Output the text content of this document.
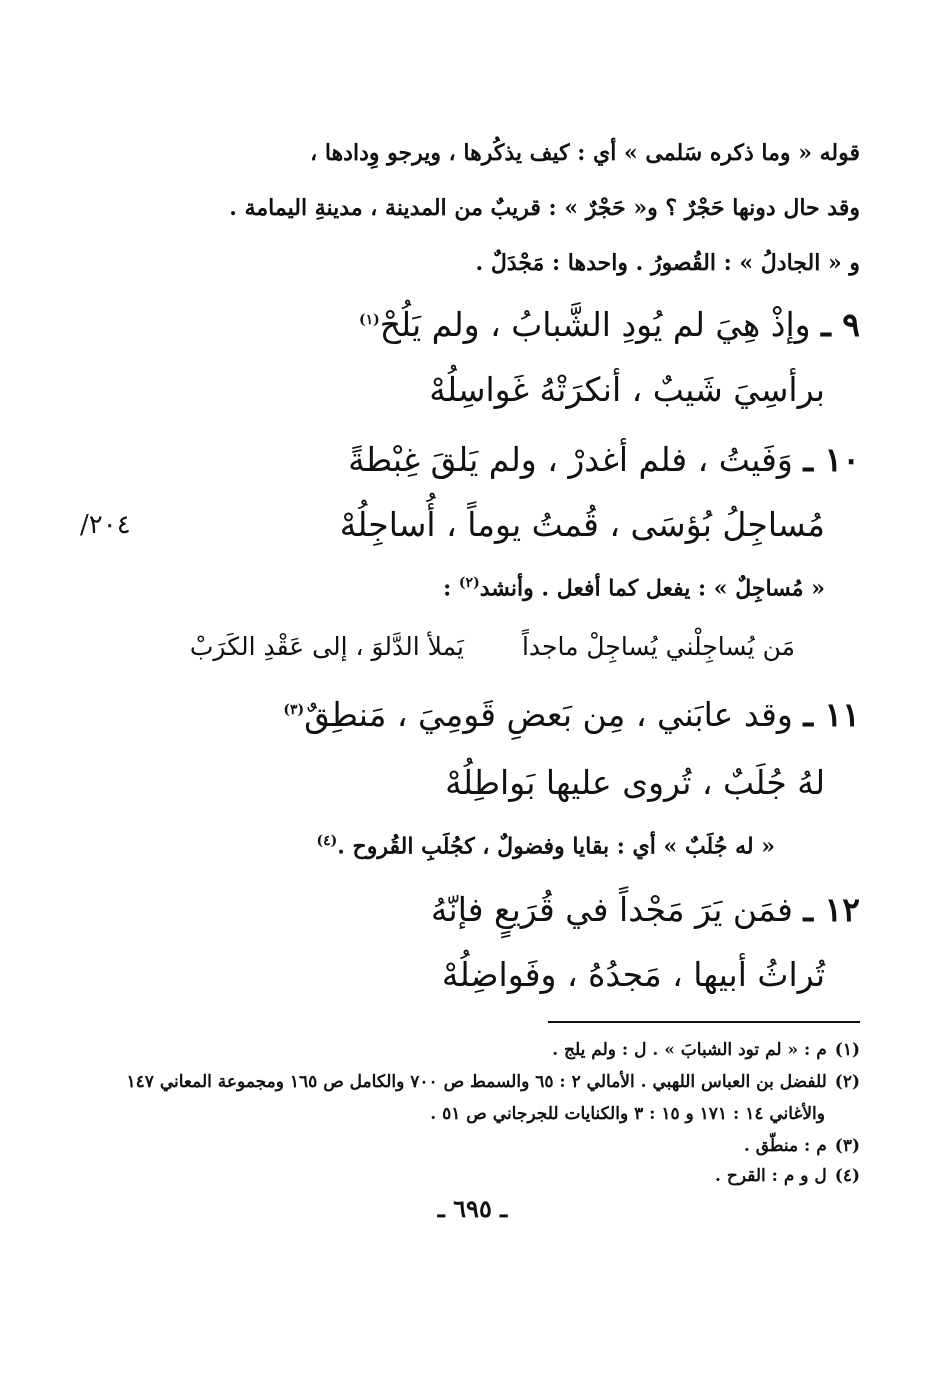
قوله « وما ذكره سَلمى » أي : كيف يذكُرها ، ويرجو وِدادها ،
وقد حال دونها حَجْرٌ ؟ و« حَجْرٌ » : قريبٌ من المدينة ، مدينةِ اليمامة .
و « الجادلُ » : القُصورُ . واحدها : مَجْدَلٌ .
٩ ـ وإذْ هِيَ لم يُودِ الشَّبابُ ، ولم يَلُحْ$^{(١)}$
برأسِيَ شَيبٌ ، أنكرَتْهُ غَواسِلُهْ
١٠ ـ وَفَيتُ ، فلم أغدرْ ، ولم يَلقَ غِبْطةً
مُساجِلُ بُؤسَى ، قُمتُ يوماً ، أُساجِلُهْ
٢٠٤/
« مُساجِلٌ » : يفعل كما أفعل . وأنشد$^{(٢)}$ :
مَن يُساجِلْني يُساجِلْ ماجداً يَملأ الدَّلوَ ، إلى عَقْدِ الكَرَبْ
١١ ـ وقد عابَني ، مِن بَعضِ قَومِيَ ، مَنطِقٌ$^{(٣)}$
لهُ جُلَبٌ ، تُروى عليها بَواطِلُهْ
« له جُلَبٌ » أي : بقايا وفضولٌ ، كجُلَبِ القُروح .$^{(٤)}$
١٢ ـ فمَن يَرَ مَجْداً في قُرَيعٍ فإنّهُ
تُراثُ أبيها ، مَجدُهُ ، وفَواضِلُهْ
(١)م : « لم تود الشبابَ » . ل : ولم يلج .
(٢)للفضل بن العباس اللهبي . الأمالي ٢ : ٦٥ والسمط ص ٧٠٠ والكامل ص ١٦٥ ومجموعة المعاني ١٤٧
والأغاني ١٤ : ١٧١ و ١٥ : ٣ والكنايات للجرجاني ص ٥١ .
(٣)م : منطّق .
(٤)ل و م : القرح .
ـ ٦٩٥ ـ
